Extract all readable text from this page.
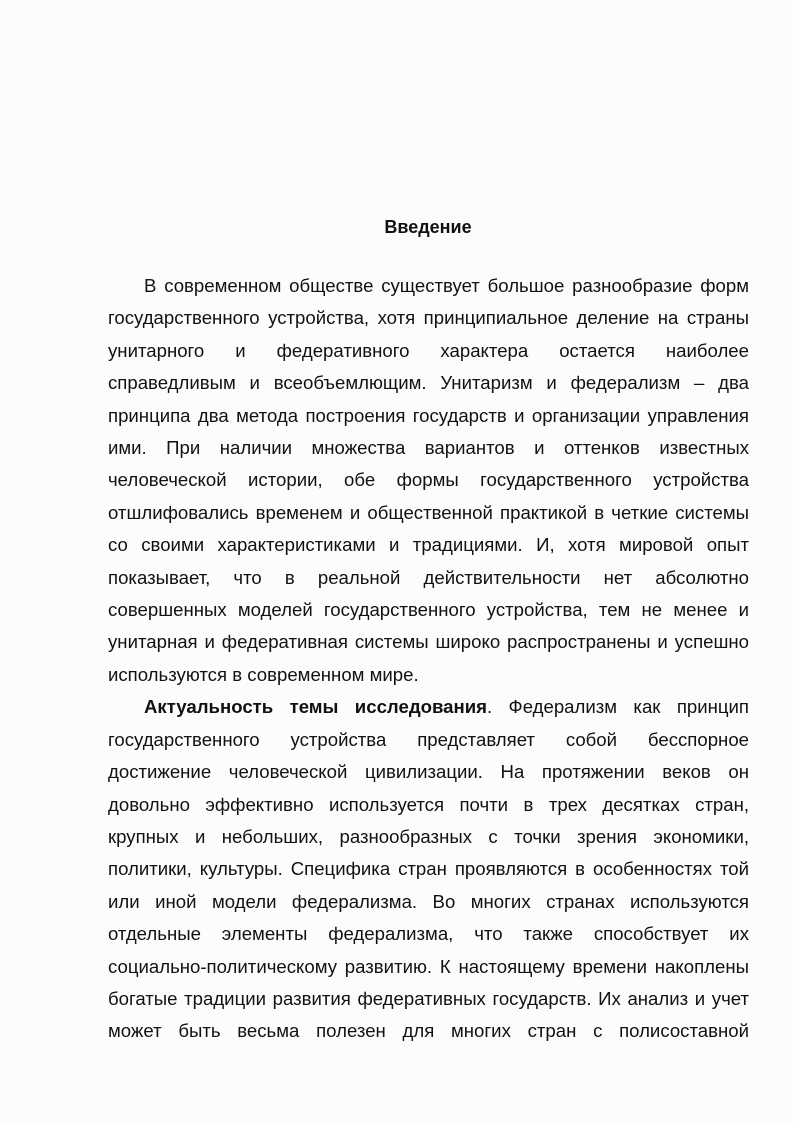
Введение

В современном обществе существует большое разнообразие форм государственного устройства, хотя принципиальное деление на страны унитарного и федеративного характера остается наиболее справедливым и всеобъемлющим. Унитаризм и федерализм – два принципа два метода построения государств и организации управления ими. При наличии множества вариантов и оттенков известных человеческой истории, обе формы государственного устройства отшлифовались временем и общественной практикой в четкие системы со своими характеристиками и традициями. И, хотя мировой опыт показывает, что в реальной действительности нет абсолютно совершенных моделей государственного устройства, тем не менее и унитарная и федеративная системы широко распространены и успешно используются в современном мире.

Актуальность темы исследования. Федерализм как принцип государственного устройства представляет собой бесспорное достижение человеческой цивилизации. На протяжении веков он довольно эффективно используется почти в трех десятках стран, крупных и небольших, разнообразных с точки зрения экономики, политики, культуры. Специфика стран проявляются в особенностях той или иной модели федерализма. Во многих странах используются отдельные элементы федерализма, что также способствует их социально-политическому развитию. К настоящему времени накоплены богатые традиции развития федеративных государств. Их анализ и учет может быть весьма полезен для многих стран с полисоставной
